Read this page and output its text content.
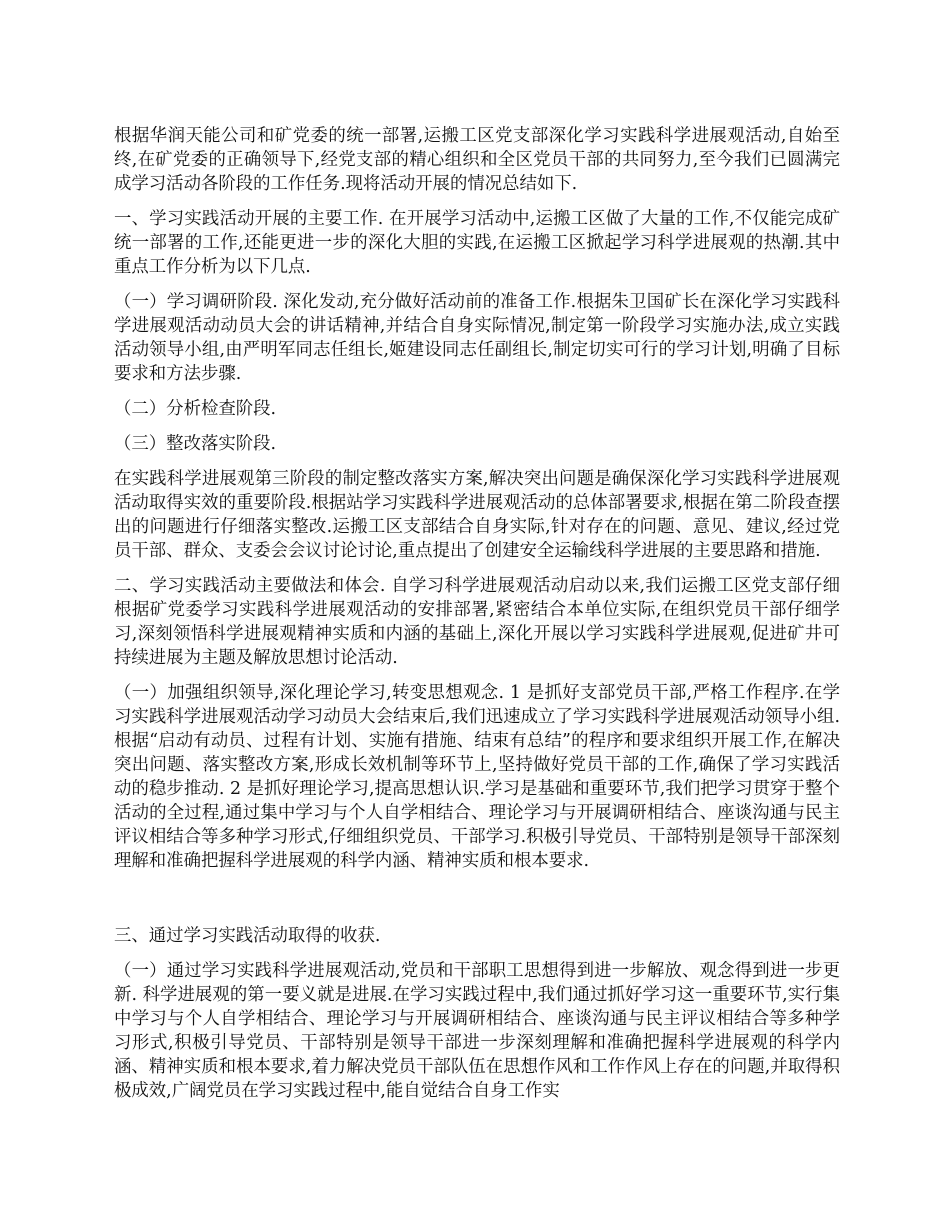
根据华润天能公司和矿党委的统一部署,运搬工区党支部深化学习实践科学进展观活动,自始至终,在矿党委的正确领导下,经党支部的精心组织和全区党员干部的共同努力,至今我们已圆满完成学习活动各阶段的工作任务.现将活动开展的情况总结如下.

一、学习实践活动开展的主要工作. 在开展学习活动中,运搬工区做了大量的工作,不仅能完成矿统一部署的工作,还能更进一步的深化大胆的实践,在运搬工区掀起学习科学进展观的热潮.其中重点工作分析为以下几点.

（一）学习调研阶段. 深化发动,充分做好活动前的准备工作.根据朱卫国矿长在深化学习实践科学进展观活动动员大会的讲话精神,并结合自身实际情况,制定第一阶段学习实施办法,成立实践活动领导小组,由严明军同志任组长,姬建设同志任副组长,制定切实可行的学习计划,明确了目标要求和方法步骤.

（二）分析检查阶段.

（三）整改落实阶段.

在实践科学进展观第三阶段的制定整改落实方案,解决突出问题是确保深化学习实践科学进展观活动取得实效的重要阶段.根据站学习实践科学进展观活动的总体部署要求,根据在第二阶段查摆出的问题进行仔细落实整改.运搬工区支部结合自身实际,针对存在的问题、意见、建议,经过党员干部、群众、支委会会议讨论讨论,重点提出了创建安全运输线科学进展的主要思路和措施.

二、学习实践活动主要做法和体会. 自学习科学进展观活动启动以来,我们运搬工区党支部仔细根据矿党委学习实践科学进展观活动的安排部署,紧密结合本单位实际,在组织党员干部仔细学习,深刻领悟科学进展观精神实质和内涵的基础上,深化开展以学习实践科学进展观,促进矿井可持续进展为主题及解放思想讨论活动.

（一）加强组织领导,深化理论学习,转变思想观念. 1 是抓好支部党员干部,严格工作程序.在学习实践科学进展观活动学习动员大会结束后,我们迅速成立了学习实践科学进展观活动领导小组.根据“启动有动员、过程有计划、实施有措施、结束有总结”的程序和要求组织开展工作,在解决突出问题、落实整改方案,形成长效机制等环节上,坚持做好党员干部的工作,确保了学习实践活动的稳步推动. 2 是抓好理论学习,提高思想认识.学习是基础和重要环节,我们把学习贯穿于整个活动的全过程,通过集中学习与个人自学相结合、理论学习与开展调研相结合、座谈沟通与民主评议相结合等多种学习形式,仔细组织党员、干部学习.积极引导党员、干部特别是领导干部深刻理解和准确把握科学进展观的科学内涵、精神实质和根本要求.

三、通过学习实践活动取得的收获.

（一）通过学习实践科学进展观活动,党员和干部职工思想得到进一步解放、观念得到进一步更新. 科学进展观的第一要义就是进展.在学习实践过程中,我们通过抓好学习这一重要环节,实行集中学习与个人自学相结合、理论学习与开展调研相结合、座谈沟通与民主评议相结合等多种学习形式,积极引导党员、干部特别是领导干部进一步深刻理解和准确把握科学进展观的科学内涵、精神实质和根本要求,着力解决党员干部队伍在思想作风和工作作风上存在的问题,并取得积极成效,广阔党员在学习实践过程中,能自觉结合自身工作实
